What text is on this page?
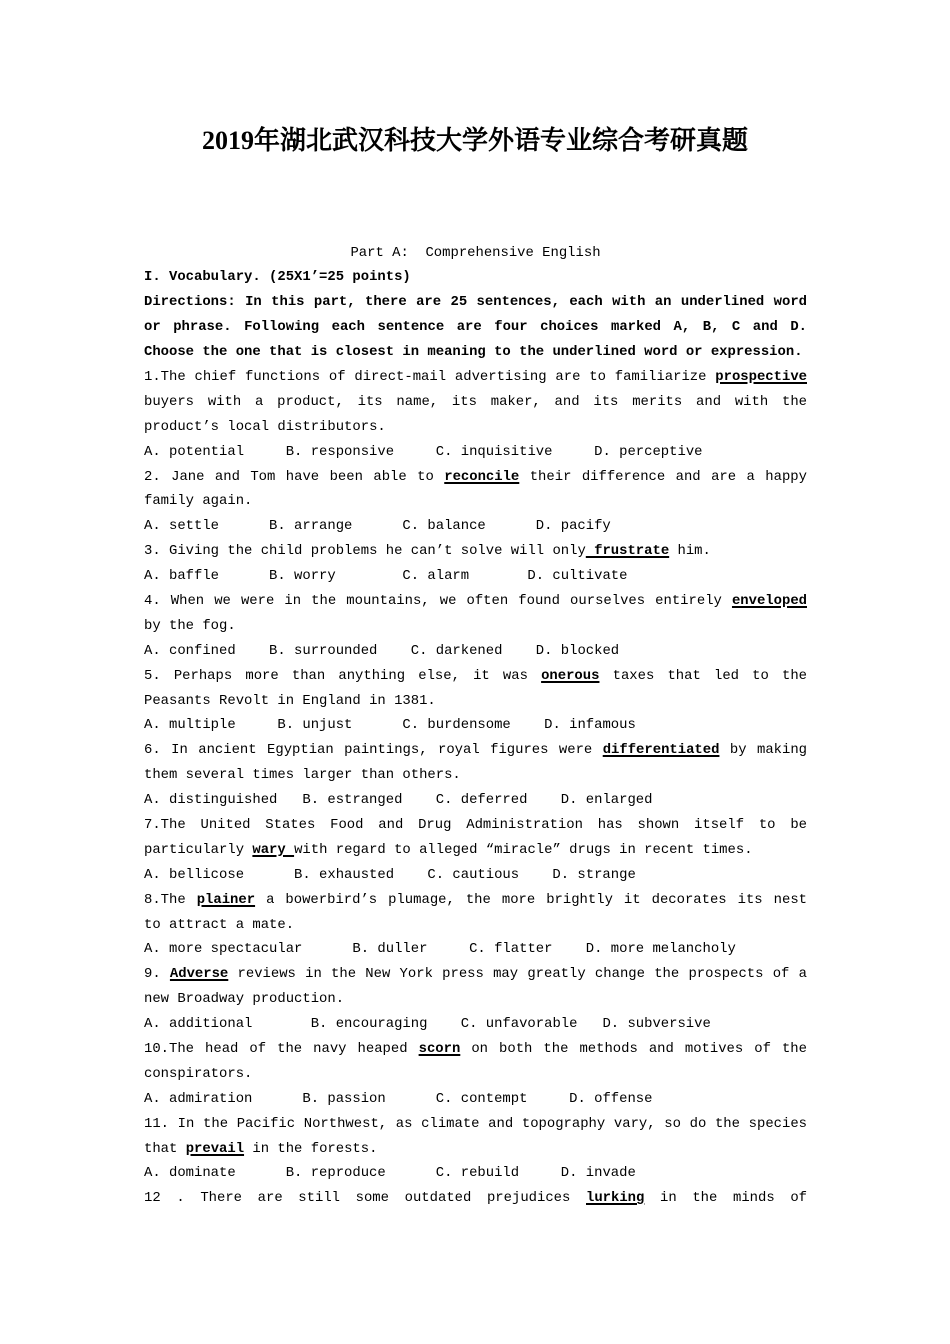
2019年湖北武汉科技大学外语专业综合考研真题
Part A:  Comprehensive English
I. Vocabulary. (25X1’=25 points)
Directions: In this part, there are 25 sentences, each with an underlined word
or phrase. Following each sentence are four choices marked A, B, C and D.
Choose the one that is closest in meaning to the underlined word or expression.
1.The chief functions of direct-mail advertising are to familiarize prospective
buyers with a product, its name, its maker, and its merits and with the
product’s local distributors.
A. potential	B. responsive	C. inquisitive	D. perceptive
2. Jane and Tom have been able to reconcile their difference and are a happy
family again.
A. settle	B. arrange	C. balance	D. pacify
3. Giving the child problems he can’t solve will only frustrate him.
A. baffle	B. worry	C. alarm	D. cultivate
4. When we were in the mountains, we often found ourselves entirely enveloped
by the fog.
A. confined B. surrounded C. darkened D. blocked
5. Perhaps more than anything else, it was onerous taxes that led to the
Peasants Revolt in England in 1381.
A. multiple	B. unjust	C. burdensome D. infamous
6. In ancient Egyptian paintings, royal figures were differentiated by making
them several times larger than others.
A. distinguished B. estranged C. deferred D. enlarged
7.The United States Food and Drug Administration has shown itself to be
particularly wary with regard to alleged “miracle” drugs in recent times.
A. bellicose	B. exhausted C. cautious D. strange
8.The plainer a bowerbird’s plumage, the more brightly it decorates its nest
to attract a mate.
A. more spectacular	B. duller	C. flatter D. more melancholy
9. Adverse reviews in the New York press may greatly change the prospects of a
new Broadway production.
A. additional	B. encouraging C. unfavorable D. subversive
10.The head of the navy heaped scorn on both the methods and motives of the
conspirators.
A. admiration	B. passion	C. contempt	D. offense
11. In the Pacific Northwest, as climate and topography vary, so do the species
that prevail in the forests.
A. dominate	B. reproduce	C. rebuild	D. invade
12 . There are still some outdated prejudices lurking in the minds of
